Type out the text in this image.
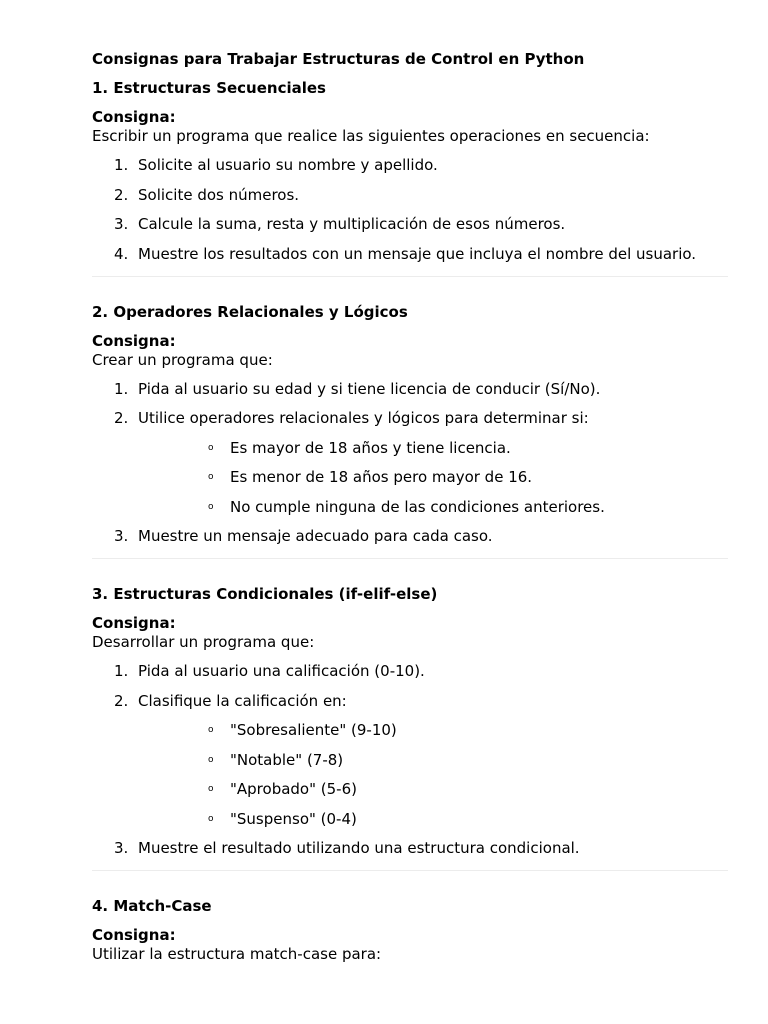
Consignas para Trabajar Estructuras de Control en Python
1. Estructuras Secuenciales
Consigna:
Escribir un programa que realice las siguientes operaciones en secuencia:
1. Solicite al usuario su nombre y apellido.
2. Solicite dos números.
3. Calcule la suma, resta y multiplicación de esos números.
4. Muestre los resultados con un mensaje que incluya el nombre del usuario.
2. Operadores Relacionales y Lógicos
Consigna:
Crear un programa que:
1. Pida al usuario su edad y si tiene licencia de conducir (Sí/No).
2. Utilice operadores relacionales y lógicos para determinar si:
o Es mayor de 18 años y tiene licencia.
o Es menor de 18 años pero mayor de 16.
o No cumple ninguna de las condiciones anteriores.
3. Muestre un mensaje adecuado para cada caso.
3. Estructuras Condicionales (if-elif-else)
Consigna:
Desarrollar un programa que:
1. Pida al usuario una calificación (0-10).
2. Clasifique la calificación en:
o "Sobresaliente" (9-10)
o "Notable" (7-8)
o "Aprobado" (5-6)
o "Suspenso" (0-4)
3. Muestre el resultado utilizando una estructura condicional.
4. Match-Case
Consigna:
Utilizar la estructura match-case para:
